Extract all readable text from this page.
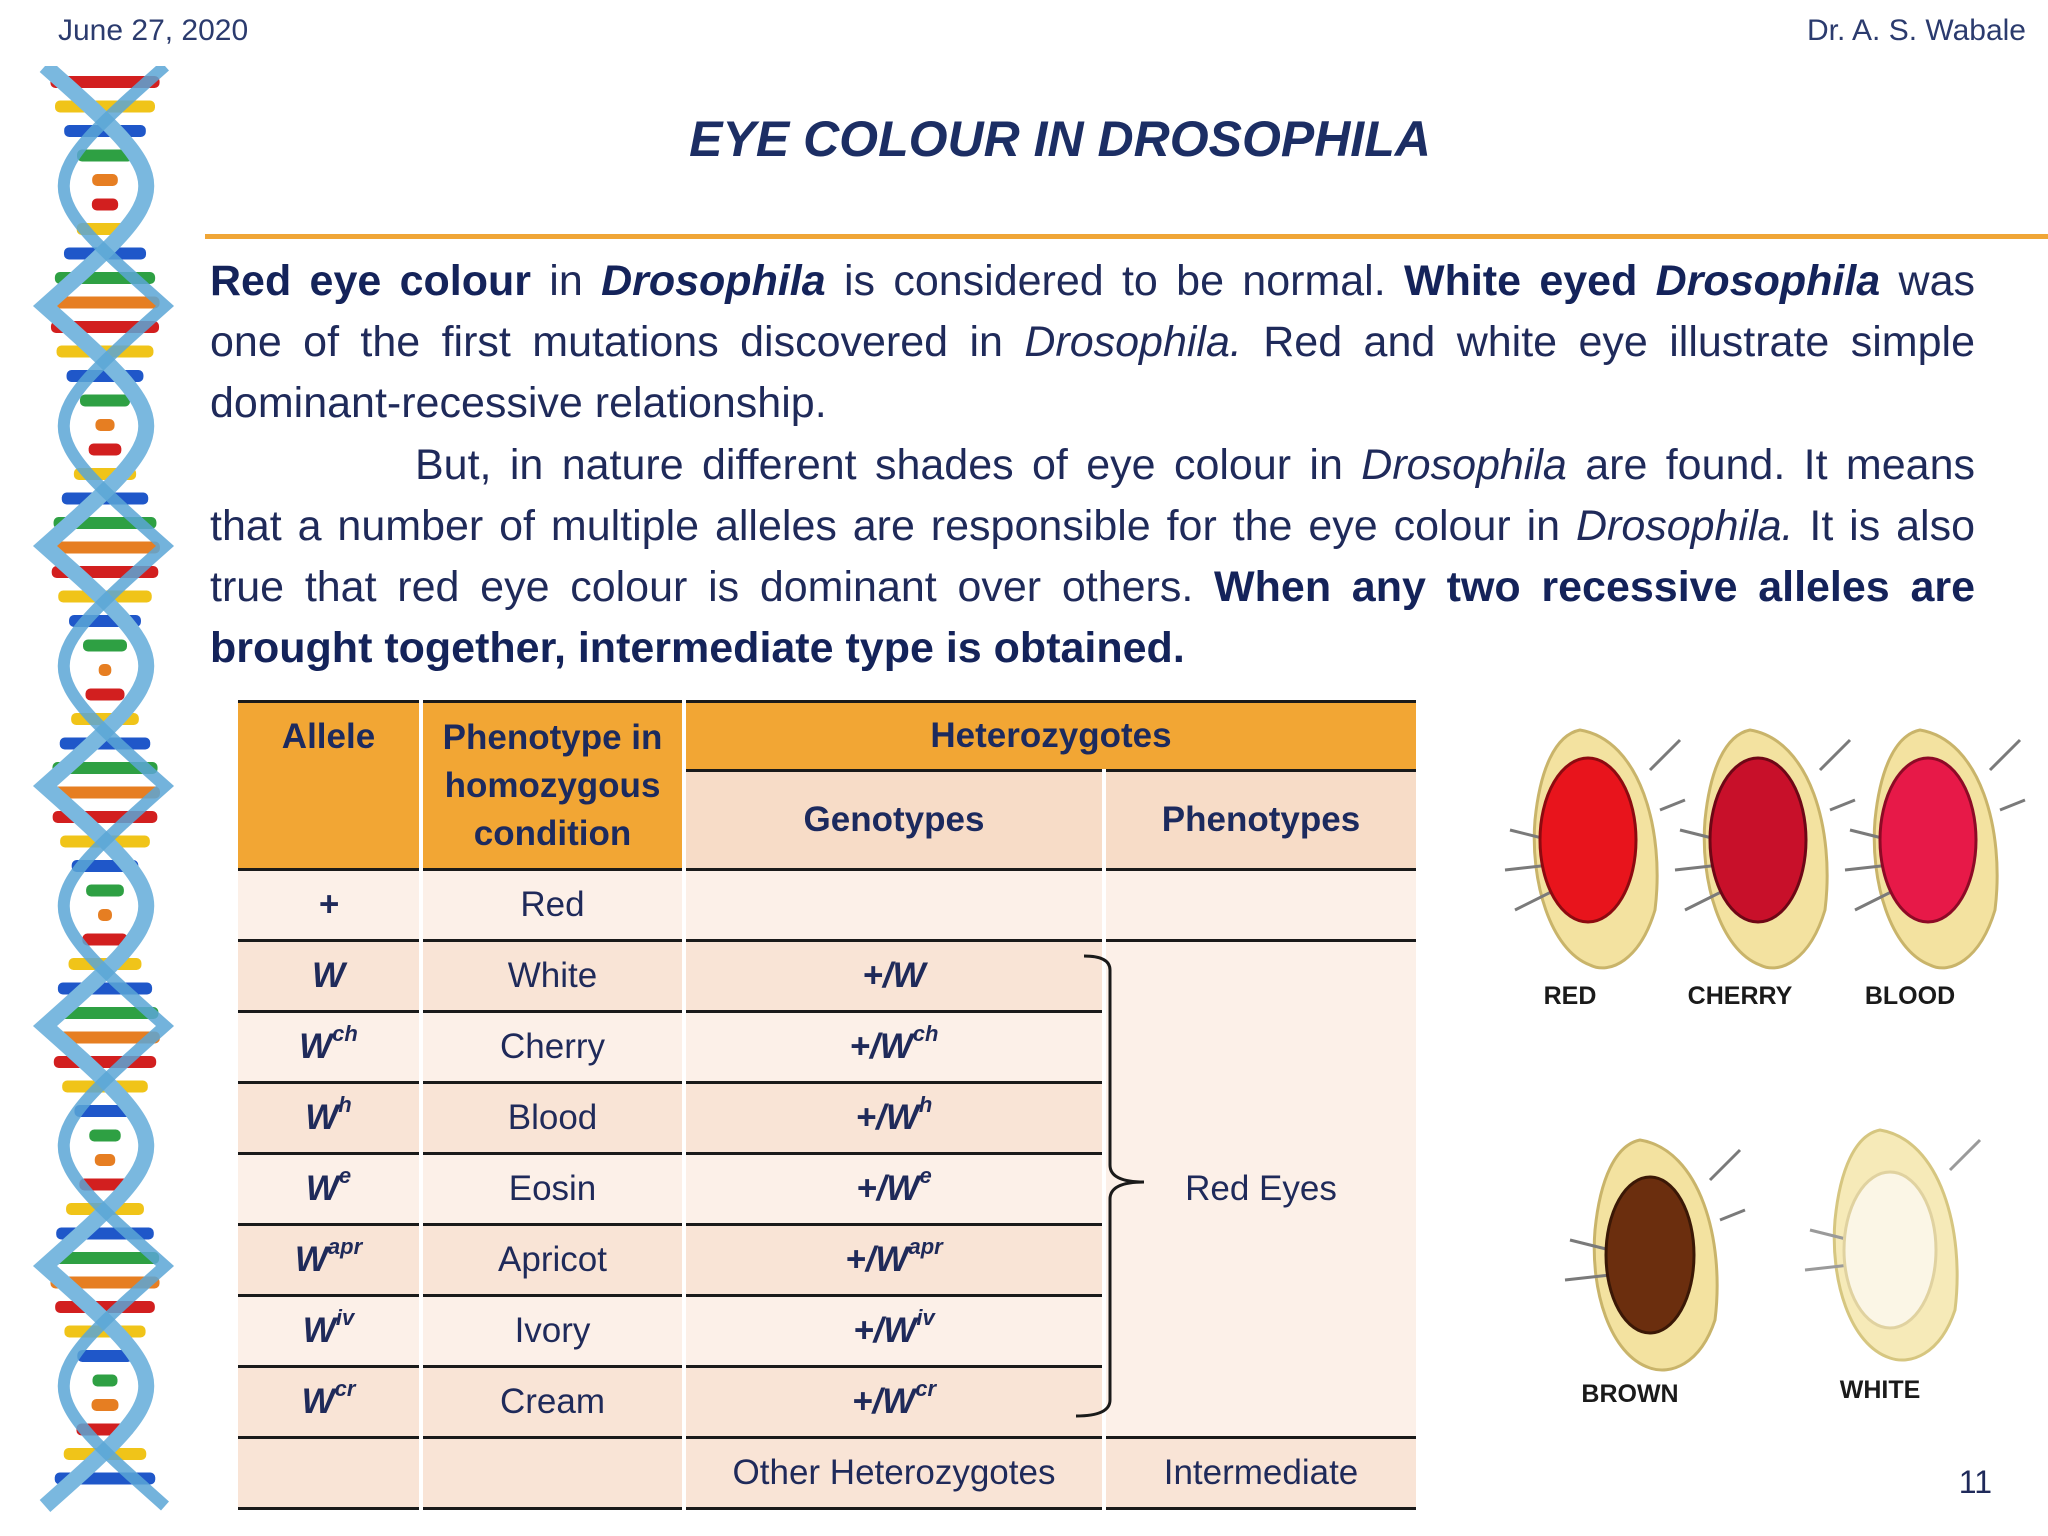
June 27, 2020	Dr. A. S. Wabale
EYE COLOUR IN DROSOPHILA
Red eye colour in Drosophila is considered to be normal. White eyed Drosophila was one of the first mutations discovered in Drosophila. Red and white eye illustrate simple dominant-recessive relationship.
But, in nature different shades of eye colour in Drosophila are found. It means that a number of multiple alleles are responsible for the eye colour in Drosophila. It is also true that red eye colour is dominant over others. When any two recessive alleles are brought together, intermediate type is obtained.
Allele	Phenotype in homozygous condition	Heterozygotes	
		Genotypes	Phenotypes
+	Red		
W	White	+/W	Red Eyes
$W^{ch}$	Cherry	$+/W^{ch}$
$W^h$	Blood	$+/W^h$
$W^e$	Eosin	$+/W^e$
$W^{apr}$	Apricot	$+/W^{apr}$
$W^{iv}$	Ivory	$+/W^{iv}$
$W^{cr}$	Cream	$+/W^{cr}$
		Other Heterozygotes	Intermediate
RED	CHERRY	BLOOD
BROWN	WHITE
11
